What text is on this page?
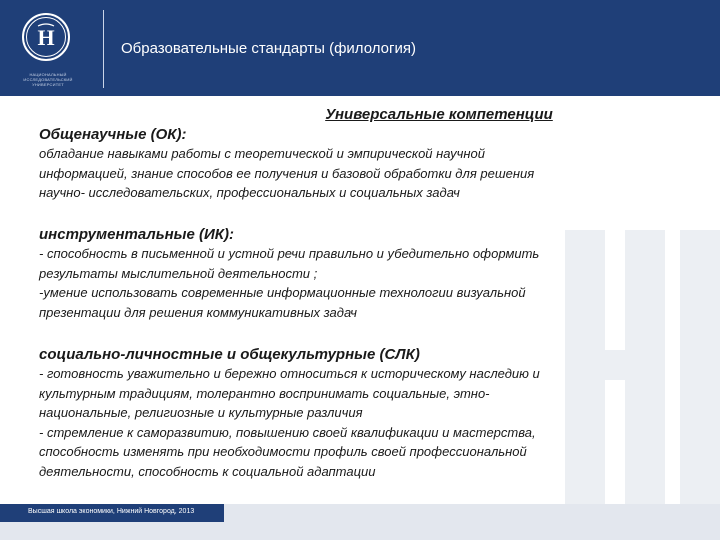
Н
НАЦИОНАЛЬНЫЙ ИССЛЕДОВАТЕЛЬСКИЙ УНИВЕРСИТЕТ
Образовательные стандарты (филология)
Универсальные компетенции
Общенаучные (ОК):

обладание навыками работы с теоретической и эмпирической научной
информацией, знание способов ее получения и базовой обработки для решения
научно- исследовательских, профессиональных и социальных задач

инструментальные (ИК):

- способность в письменной и устной речи правильно и убедительно оформить
результаты мыслительной деятельности ;
-умение использовать современные информационные технологии визуальной
презентации для решения коммуникативных задач

социально-личностные и общекультурные (СЛК)

- готовность уважительно и бережно относиться к историческому наследию и
культурным традициям, толерантно воспринимать социальные, этно-
национальные, религиозные и культурные различия
- стремление к саморазвитию, повышению своей квалификации и мастерства,
способность изменять при необходимости профиль своей профессиональной
деятельности, способность к социальной адаптации

Высшая школа экономики, Нижний Новгород, 2013
